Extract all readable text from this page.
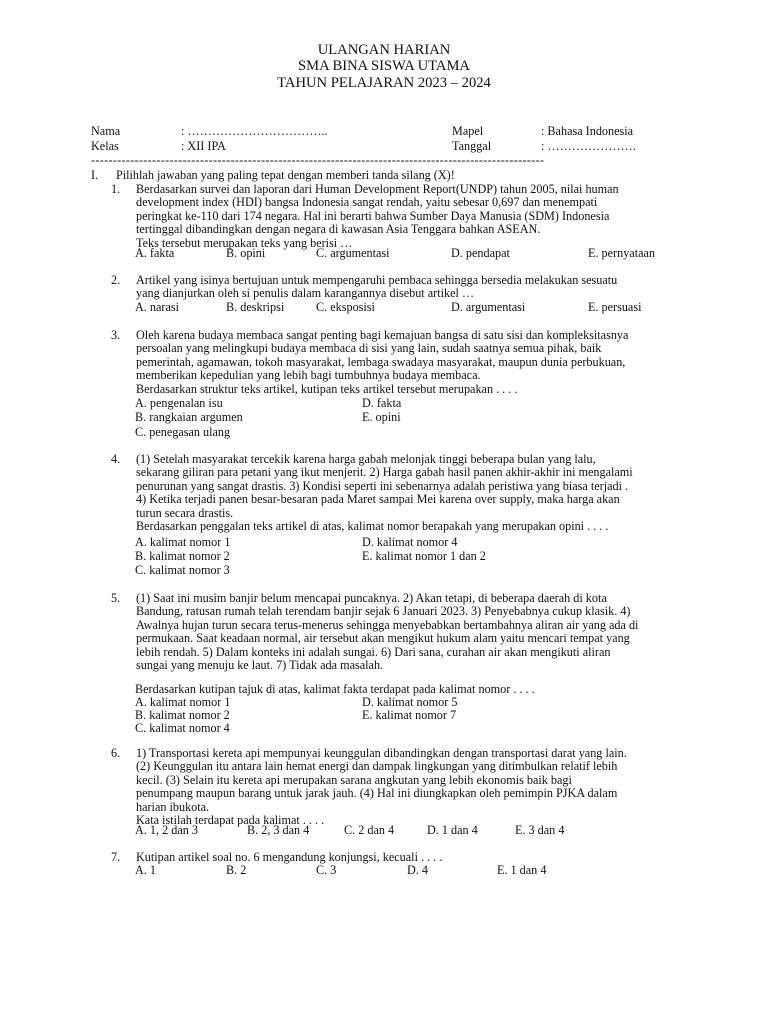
ULANGAN HARIAN
SMA BINA SISWA UTAMA
TAHUN PELAJARAN 2023 – 2024
Nama	: ……………………………..	Mapel	: Bahasa Indonesia
Kelas	: XII IPA	Tanggal	: ………………….
--------------------------------------------------------------------------------------------------------
I. Pilihlah jawaban yang paling tepat dengan memberi tanda silang (X)!
1. Berdasarkan survei dan laporan dari Human Development Report(UNDP) tahun 2005, nilai human

development index (HDI) bangsa Indonesia sangat rendah, yaitu sebesar 0,697 dan menempati

peringkat ke-110 dari 174 negara. Hal ini berarti bahwa Sumber Daya Manusia (SDM) Indonesia

tertinggal dibandingkan dengan negara di kawasan Asia Tenggara bahkan ASEAN.

Teks tersebut merupakan teks yang berisi …

A. fakta	B. opini	C. argumentasi	D. pendapat	E. pernyataan
2. Artikel yang isinya bertujuan untuk mempengaruhi pembaca sehingga bersedia melakukan sesuatu

yang dianjurkan oleh si penulis dalam karangannya disebut artikel …

A. narasi	B. deskripsi	C. eksposisi	D. argumentasi	E. persuasi
3. Oleh karena budaya membaca sangat penting bagi kemajuan bangsa di satu sisi dan kompleksitasnya

persoalan yang melingkupi budaya membaca di sisi yang lain, sudah saatnya semua pihak, baik

pemerintah, agamawan, tokoh masyarakat, lembaga swadaya masyarakat, maupun dunia perbukuan,

memberikan kepedulian yang lebih bagi tumbuhnya budaya membaca.

Berdasarkan struktur teks artikel, kutipan teks artikel tersebut merupakan . . . .

A. pengenalan isu	D. fakta
B. rangkaian argumen	E. opini
C. penegasan ulang
4. (1) Setelah masyarakat tercekik karena harga gabah melonjak tinggi beberapa bulan yang lalu,

sekarang giliran para petani yang ikut menjerit. 2) Harga gabah hasil panen akhir-akhir ini mengalami

penurunan yang sangat drastis. 3) Kondisi seperti ini sebenarnya adalah peristiwa yang biasa terjadi .

4) Ketika terjadi panen besar-besaran pada Maret sampai Mei karena over supply, maka harga akan

turun secara drastis.

Berdasarkan penggalan teks artikel di atas, kalimat nomor berapakah yang merupakan opini . . . .

A. kalimat nomor 1	D. kalimat nomor 4
B. kalimat nomor 2	E. kalimat nomor 1 dan 2
C. kalimat nomor 3
5. (1) Saat ini musim banjir belum mencapai puncaknya. 2) Akan tetapi, di beberapa daerah di kota

Bandung, ratusan rumah telah terendam banjir sejak 6 Januari 2023. 3) Penyebabnya cukup klasik. 4)

Awalnya hujan turun secara terus-menerus sehingga menyebabkan bertambahnya aliran air yang ada di

permukaan. Saat keadaan normal, air tersebut akan mengikut hukum alam yaitu mencari tempat yang

lebih rendah. 5) Dalam konteks ini adalah sungai. 6) Dari sana, curahan air akan mengikuti aliran

sungai yang menuju ke laut. 7) Tidak ada masalah.

Berdasarkan kutipan tajuk di atas, kalimat fakta terdapat pada kalimat nomor . . . .
A. kalimat nomor 1	D. kalimat nomor 5
B. kalimat nomor 2	E. kalimat nomor 7
C. kalimat nomor 4
6. 1) Transportasi kereta api mempunyai keunggulan dibandingkan dengan transportasi darat yang lain.

(2) Keunggulan itu antara lain hemat energi dan dampak lingkungan yang ditimbulkan relatif lebih

kecil. (3) Selain itu kereta api merupakan sarana angkutan yang lebih ekonomis baik bagi

penumpang maupun barang untuk jarak jauh. (4) Hal ini diungkapkan oleh pemimpin PJKA dalam

harian ibukota.

Kata istilah terdapat pada kalimat . . . .

A. 1, 2 dan 3	B. 2, 3 dan 4	C. 2 dan 4	D. 1 dan 4	E. 3 dan 4
7. Kutipan artikel soal no. 6 mengandung konjungsi, kecuali . . . .

A. 1	B. 2	C. 3	D. 4	E. 1 dan 4
